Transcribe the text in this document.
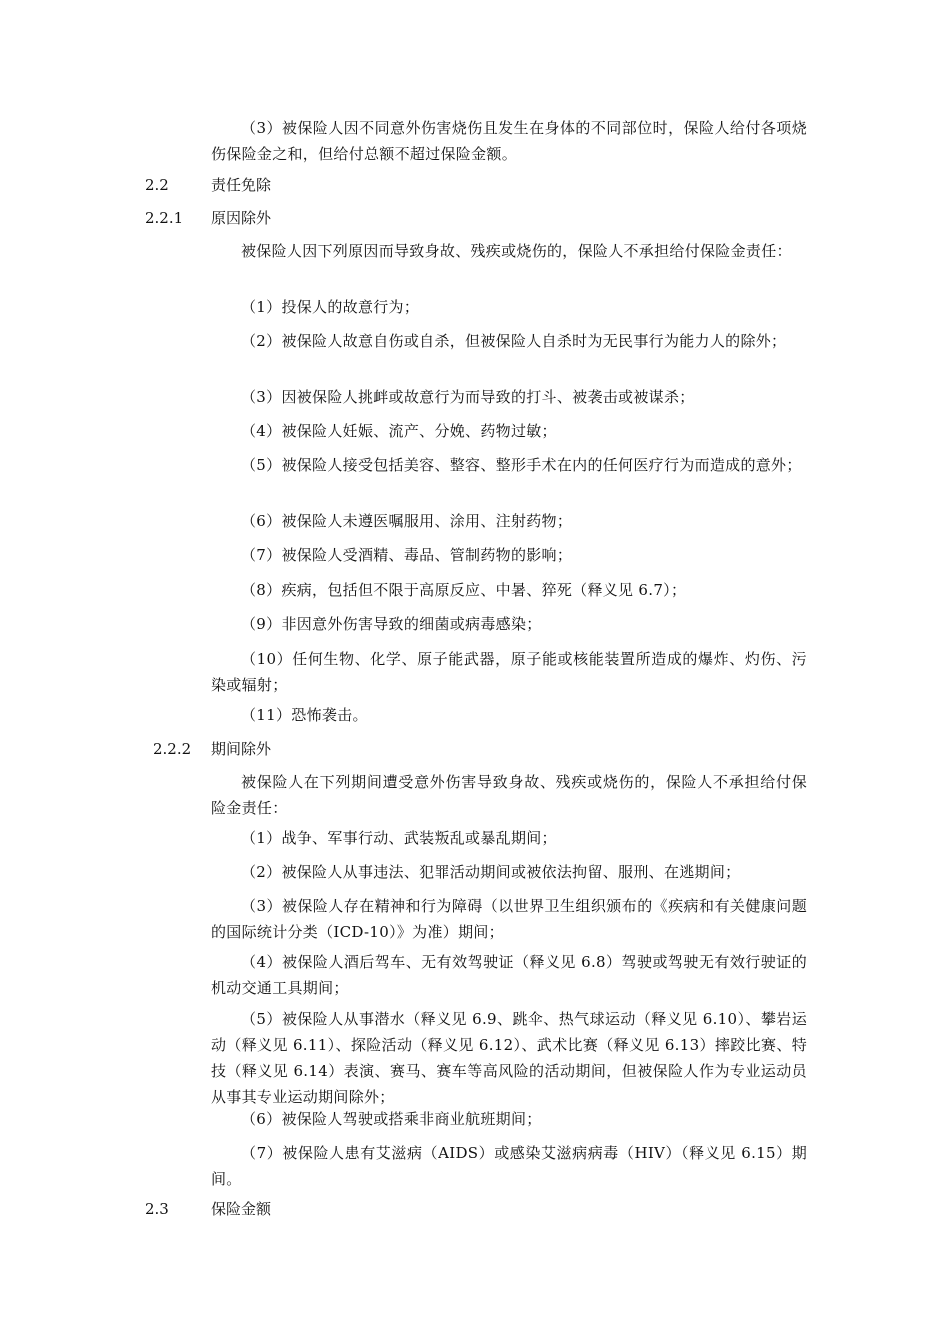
（3）被保险人因不同意外伤害烧伤且发生在身体的不同部位时，保险人给付各项烧伤保险金之和，但给付总额不超过保险金额。

2.2	责任免除
2.2.1 原因除外

被保险人因下列原因而导致身故、残疾或烧伤的，保险人不承担给付保险金责任：

（1）投保人的故意行为；

（2）被保险人故意自伤或自杀，但被保险人自杀时为无民事行为能力人的除外；

（3）因被保险人挑衅或故意行为而导致的打斗、被袭击或被谋杀；

（4）被保险人妊娠、流产、分娩、药物过敏；

（5）被保险人接受包括美容、整容、整形手术在内的任何医疗行为而造成的意外；

（6）被保险人未遵医嘱服用、涂用、注射药物；

（7）被保险人受酒精、毒品、管制药物的影响；

（8）疾病，包括但不限于高原反应、中暑、猝死（释义见 6.7）；

（9）非因意外伤害导致的细菌或病毒感染；

（10）任何生物、化学、原子能武器，原子能或核能装置所造成的爆炸、灼伤、污染或辐射；

（11）恐怖袭击。

2.2.2 期间除外

被保险人在下列期间遭受意外伤害导致身故、残疾或烧伤的，保险人不承担给付保险金责任：

（1）战争、军事行动、武装叛乱或暴乱期间；

（2）被保险人从事违法、犯罪活动期间或被依法拘留、服刑、在逃期间；

（3）被保险人存在精神和行为障碍（以世界卫生组织颁布的《疾病和有关健康问题的国际统计分类（ICD-10）》为准）期间；

（4）被保险人酒后驾车、无有效驾驶证（释义见 6.8）驾驶或驾驶无有效行驶证的机动交通工具期间；

（5）被保险人从事潜水（释义见 6.9、跳伞、热气球运动（释义见 6.10）、攀岩运动（释义见 6.11）、探险活动（释义见 6.12）、武术比赛（释义见 6.13）摔跤比赛、特技（释义见 6.14）表演、赛马、赛车等高风险的活动期间，但被保险人作为专业运动员从事其专业运动期间除外；

（6）被保险人驾驶或搭乘非商业航班期间；

（7）被保险人患有艾滋病（AIDS）或感染艾滋病病毒（HIV）（释义见 6.15）期间。

2.3	保险金额
